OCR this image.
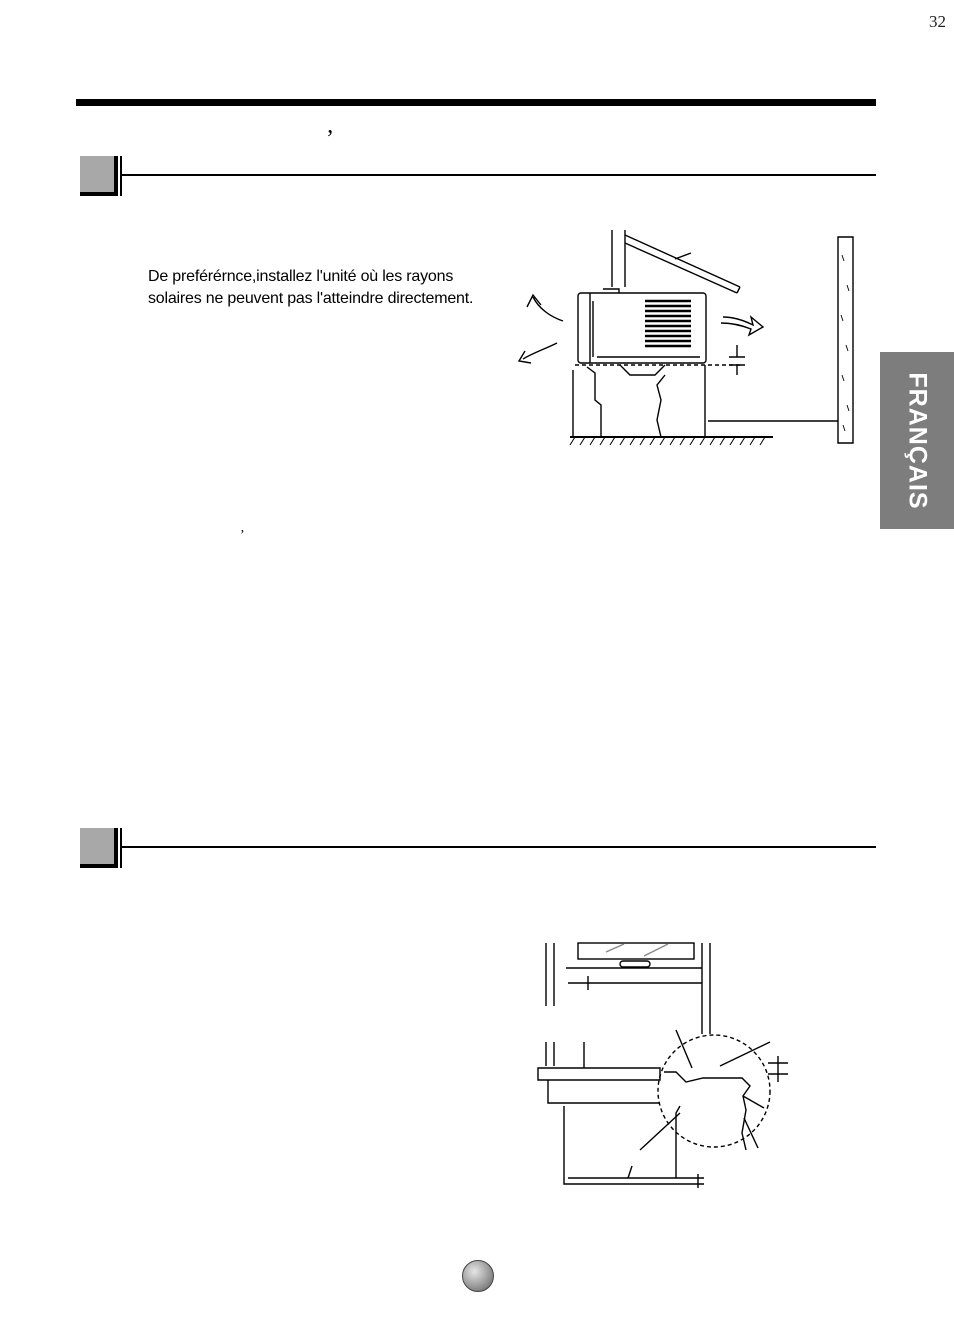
32
’
De preférérnce,installez l'unité où les rayons
solaires ne peuvent pas l'atteindre directement.
’
FRANÇAIS
